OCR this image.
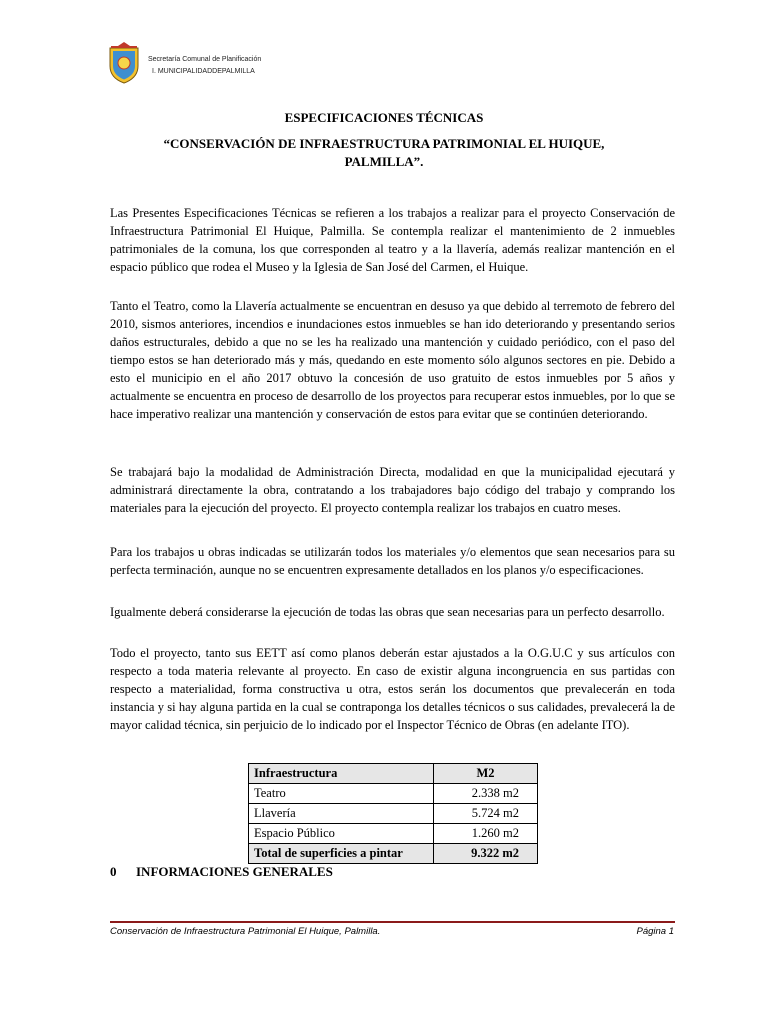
Secretaría Comunal de Planificación
I. MUNICIPALIDADDEPALMILLA
ESPECIFICACIONES TÉCNICAS
“CONSERVACIÓN DE INFRAESTRUCTURA PATRIMONIAL EL HUIQUE,
PALMILLA”.
Las Presentes Especificaciones Técnicas se refieren a los trabajos a realizar para el proyecto Conservación de Infraestructura Patrimonial El Huique, Palmilla. Se contempla realizar el mantenimiento de 2 inmuebles patrimoniales de la comuna, los que corresponden al teatro y a la llavería, además realizar mantención en el espacio público que rodea el Museo y la Iglesia de San José del Carmen, el Huique.
Tanto el Teatro, como la Llavería actualmente se encuentran en desuso ya que debido al terremoto de febrero del 2010, sismos anteriores, incendios e inundaciones estos inmuebles se han ido deteriorando y presentando serios daños estructurales, debido a que no se les ha realizado una mantención y cuidado periódico, con el paso del tiempo estos se han deteriorado más y más, quedando en este momento sólo algunos sectores en pie. Debido a esto el municipio en el año 2017 obtuvo la concesión de uso gratuito de estos inmuebles por 5 años y actualmente se encuentra en proceso de desarrollo de los proyectos para recuperar estos inmuebles, por lo que se hace imperativo realizar una mantención y conservación de estos para evitar que se continúen deteriorando.
Se trabajará bajo la modalidad de Administración Directa, modalidad en que la municipalidad ejecutará y administrará directamente la obra, contratando a los trabajadores bajo código del trabajo y comprando los materiales para la ejecución del proyecto. El proyecto contempla realizar los trabajos en cuatro meses.
Para los trabajos u obras indicadas se utilizarán todos los materiales y/o elementos que sean necesarios para su perfecta terminación, aunque no se encuentren expresamente detallados en los planos y/o especificaciones.
Igualmente deberá considerarse la ejecución de todas las obras que sean necesarias para un perfecto desarrollo.
Todo el proyecto, tanto sus EETT así como planos deberán estar ajustados a la O.G.U.C y sus artículos con respecto a toda materia relevante al proyecto. En caso de existir alguna incongruencia en sus partidas con respecto a materialidad, forma constructiva u otra, estos serán los documentos que prevalecerán en toda instancia y si hay alguna partida en la cual se contraponga los detalles técnicos o sus calidades, prevalecerá la de mayor calidad técnica, sin perjuicio de lo indicado por el Inspector Técnico de Obras (en adelante ITO).
Infraestructura	M2
Teatro	2.338 m2
Llavería	5.724 m2
Espacio Público	1.260 m2
Total de superficies a pintar	9.322 m2
0 INFORMACIONES GENERALES
Conservación de Infraestructura Patrimonial El Huique, Palmilla.	Página 1
